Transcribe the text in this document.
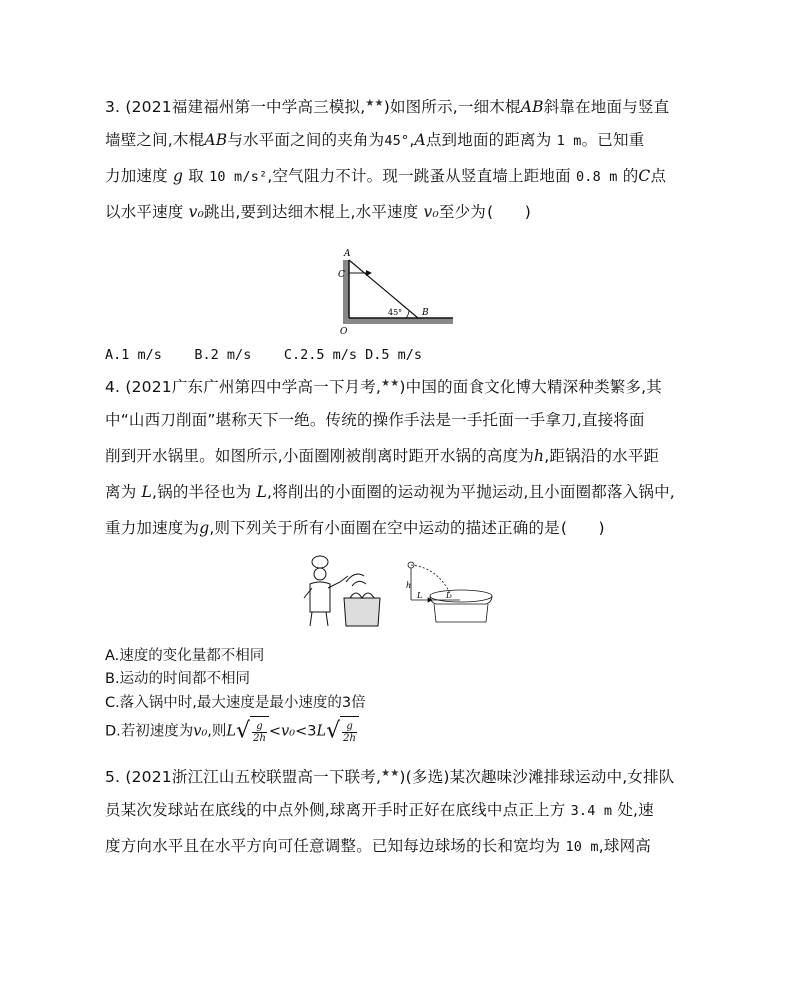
3. (2021福建福州第一中学高三模拟,★★)如图所示,一细木棍AB斜靠在地面与竖直
墙壁之间,木棍AB与水平面之间的夹角为45°,A点到地面的距离为 1 m。已知重
力加速度 g 取 10 m/s²,空气阻力不计。现一跳蚤从竖直墙上距地面 0.8 m 的C点
以水平速度 v₀跳出,要到达细木棍上,水平速度 v₀至少为(　　)
A
C
O
B
45°
A.1 m/s B.2 m/s C.2.5 m/s D.5 m/s
4. (2021广东广州第四中学高一下月考,★★)中国的面食文化博大精深种类繁多,其
中“山西刀削面”堪称天下一绝。传统的操作手法是一手托面一手拿刀,直接将面
削到开水锅里。如图所示,小面圈刚被削离时距开水锅的高度为h,距锅沿的水平距
离为 L,锅的半径也为 L,将削出的小面圈的运动视为平抛运动,且小面圈都落入锅中,
重力加速度为g,则下列关于所有小面圈在空中运动的描述正确的是(　　)
h
L	L
A.速度的变化量都不相同
B.运动的时间都不相同
C.落入锅中时,最大速度是最小速度的3倍
D.若初速度为v₀,则$L√ \frac{g}{2h} <v_0<3L√ \frac{g}{2h}$
5. (2021浙江江山五校联盟高一下联考,★★)(多选)某次趣味沙滩排球运动中,女排队
员某次发球站在底线的中点外侧,球离开手时正好在底线中点正上方 3.4 m 处,速
度方向水平且在水平方向可任意调整。已知每边球场的长和宽均为 10 m,球网高
